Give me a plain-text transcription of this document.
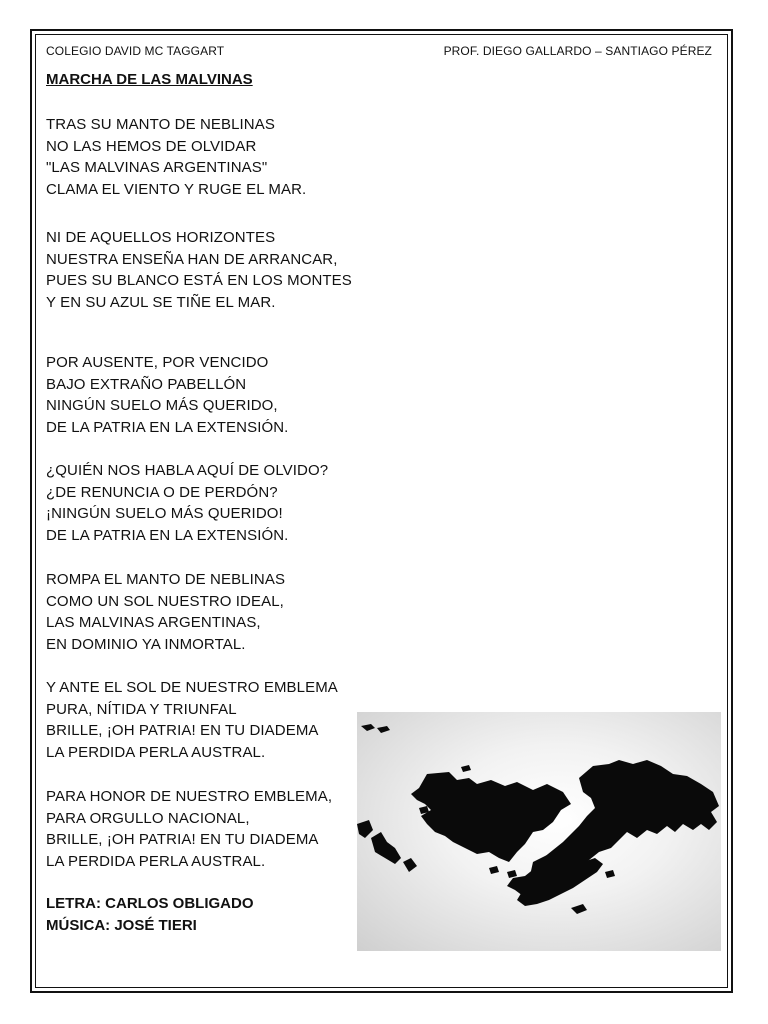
COLEGIO DAVID MC TAGGART	PROF. DIEGO GALLARDO – SANTIAGO PÉREZ
MARCHA DE LAS MALVINAS
TRAS SU MANTO DE NEBLINAS
NO LAS HEMOS DE OLVIDAR
"LAS MALVINAS ARGENTINAS"
CLAMA EL VIENTO Y RUGE EL MAR.
NI DE AQUELLOS HORIZONTES
NUESTRA ENSEÑA HAN DE ARRANCAR,
PUES SU BLANCO ESTÁ EN LOS MONTES
Y EN SU AZUL SE TIÑE EL MAR.
POR AUSENTE, POR VENCIDO
BAJO EXTRAÑO PABELLÓN
NINGÚN SUELO MÁS QUERIDO,
DE LA PATRIA EN LA EXTENSIÓN.
¿QUIÉN NOS HABLA AQUÍ DE OLVIDO?
¿DE RENUNCIA O DE PERDÓN?
¡NINGÚN SUELO MÁS QUERIDO!
DE LA PATRIA EN LA EXTENSIÓN.
ROMPA EL MANTO DE NEBLINAS
COMO UN SOL NUESTRO IDEAL,
LAS MALVINAS ARGENTINAS,
EN DOMINIO YA INMORTAL.
Y ANTE EL SOL DE NUESTRO EMBLEMA
PURA, NÍTIDA Y TRIUNFAL
BRILLE, ¡OH PATRIA! EN TU DIADEMA
LA PERDIDA PERLA AUSTRAL.
PARA HONOR DE NUESTRO EMBLEMA,
PARA ORGULLO NACIONAL,
BRILLE, ¡OH PATRIA! EN TU DIADEMA
LA PERDIDA PERLA AUSTRAL.
LETRA: CARLOS OBLIGADO
MÚSICA: JOSÉ TIERI
